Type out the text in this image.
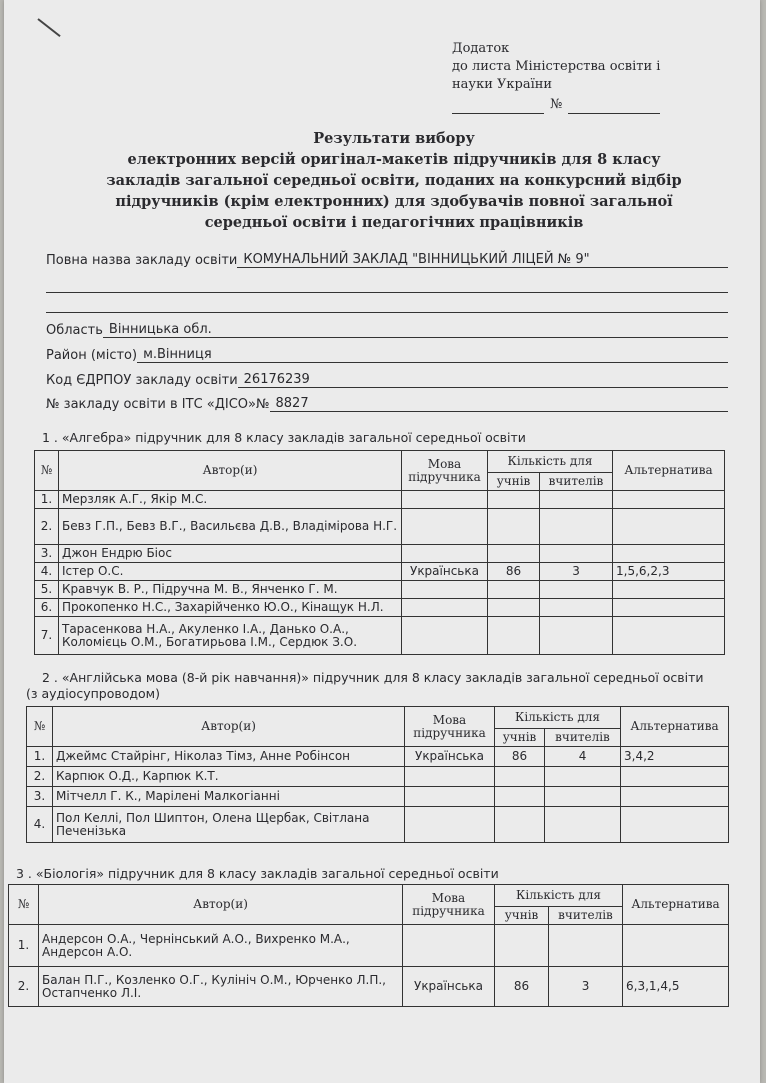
Додаток
до листа Міністерства освіти і
науки України
№
Результати вибору
електронних версій оригінал-макетів підручників для 8 класу
закладів загальної середньої освіти, поданих на конкурсний відбір
підручників (крім електронних) для здобувачів повної загальної
середньої освіти і педагогічних працівників
Повна назва закладу освіти КОМУНАЛЬНИЙ ЗАКЛАД "ВІННИЦЬКИЙ ЛІЦЕЙ № 9"
Область Вінницька обл.
Район (місто) м.Вінниця
Код ЄДРПОУ закладу освіти 26176239
№ закладу освіти в ІТС «ДІСО»№ 8827
1 . «Алгебра» підручник для 8 класу закладів загальної середньої освіти
№	Автор(и)	Мова підручника	Кількість для		Альтернатива
			учнів	вчителів	
1.	Мерзляк А.Г., Якір М.С.				
2.	Бевз Г.П., Бевз В.Г., Васильєва Д.В., Владімірова Н.Г.				
3.	Джон Ендрю Біос				
4.	Істер О.С.	Українська	86	3	1,5,6,2,3
5.	Кравчук В. Р., Підручна М. В., Янченко Г. М.				
6.	Прокопенко Н.С., Захарійченко Ю.О., Кінащук Н.Л.				
7.	Тарасенкова Н.А., Акуленко І.А., Данько О.А., Коломієць О.М., Богатирьова І.М., Сердюк З.О.				
2 . «Англійська мова (8-й рік навчання)» підручник для 8 класу закладів загальної середньої освіти
(з аудіосупроводом)
№	Автор(и)	Мова підручника	Кількість для		Альтернатива
			учнів	вчителів	
1.	Джеймс Стайрінг, Ніколаз Тімз, Анне Робінсон	Українська	86	4	3,4,2
2.	Карпюк О.Д., Карпюк К.Т.				
3.	Мітчелл Г. К., Марілені Малкогіанні				
4.	Пол Келлі, Пол Шиптон, Олена Щербак, Світлана Печенізька				
3 . «Біологія» підручник для 8 класу закладів загальної середньої освіти
№	Автор(и)	Мова підручника	Кількість для		Альтернатива
			учнів	вчителів	
1.	Андерсон О.А., Чернінський А.О., Вихренко М.А., Андерсон А.О.				
2.	Балан П.Г., Козленко О.Г., Кулініч О.М., Юрченко Л.П., Остапченко Л.І.	Українська	86	3	6,3,1,4,5
